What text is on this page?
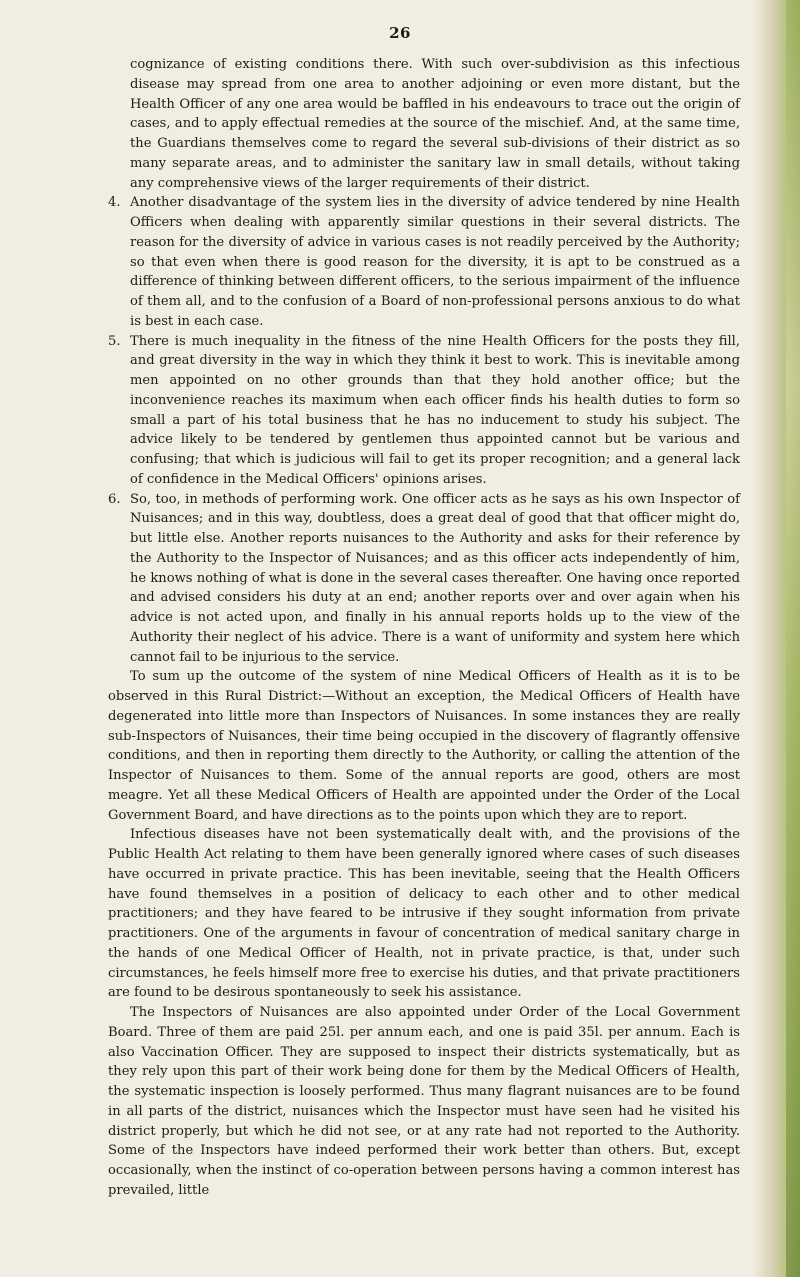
26

cognizance of existing conditions there. With such over-subdivision as this infectious disease may spread from one area to another adjoining or even more distant, but the Health Officer of any one area would be baffled in his endeavours to trace out the origin of cases, and to apply effectual remedies at the source of the mischief. And, at the same time, the Guardians themselves come to regard the several sub-divisions of their district as so many separate areas, and to administer the sanitary law in small details, without taking any comprehensive views of the larger requirements of their district.

4. Another disadvantage of the system lies in the diversity of advice tendered by nine Health Officers when dealing with apparently similar questions in their several districts. The reason for the diversity of advice in various cases is not readily perceived by the Authority; so that even when there is good reason for the diversity, it is apt to be construed as a difference of thinking between different officers, to the serious impairment of the influence of them all, and to the confusion of a Board of non-professional persons anxious to do what is best in each case.

5. There is much inequality in the fitness of the nine Health Officers for the posts they fill, and great diversity in the way in which they think it best to work. This is inevitable among men appointed on no other grounds than that they hold another office; but the inconvenience reaches its maximum when each officer finds his health duties to form so small a part of his total business that he has no inducement to study his subject. The advice likely to be tendered by gentlemen thus appointed cannot but be various and confusing; that which is judicious will fail to get its proper recognition; and a general lack of confidence in the Medical Officers' opinions arises.

6. So, too, in methods of performing work. One officer acts as he says as his own Inspector of Nuisances; and in this way, doubtless, does a great deal of good that that officer might do, but little else. Another reports nuisances to the Authority and asks for their reference by the Authority to the Inspector of Nuisances; and as this officer acts independently of him, he knows nothing of what is done in the several cases thereafter. One having once reported and advised considers his duty at an end; another reports over and over again when his advice is not acted upon, and finally in his annual reports holds up to the view of the Authority their neglect of his advice. There is a want of uniformity and system here which cannot fail to be injurious to the service.

To sum up the outcome of the system of nine Medical Officers of Health as it is to be observed in this Rural District:—Without an exception, the Medical Officers of Health have degenerated into little more than Inspectors of Nuisances. In some instances they are really sub-Inspectors of Nuisances, their time being occupied in the discovery of flagrantly offensive conditions, and then in reporting them directly to the Authority, or calling the attention of the Inspector of Nuisances to them. Some of the annual reports are good, others are most meagre. Yet all these Medical Officers of Health are appointed under the Order of the Local Government Board, and have directions as to the points upon which they are to report.

Infectious diseases have not been systematically dealt with, and the provisions of the Public Health Act relating to them have been generally ignored where cases of such diseases have occurred in private practice. This has been inevitable, seeing that the Health Officers have found themselves in a position of delicacy to each other and to other medical practitioners; and they have feared to be intrusive if they sought information from private practitioners. One of the arguments in favour of concentration of medical sanitary charge in the hands of one Medical Officer of Health, not in private practice, is that, under such circumstances, he feels himself more free to exercise his duties, and that private practitioners are found to be desirous spontaneously to seek his assistance.

The Inspectors of Nuisances are also appointed under Order of the Local Government Board. Three of them are paid 25l. per annum each, and one is paid 35l. per annum. Each is also Vaccination Officer. They are supposed to inspect their districts systematically, but as they rely upon this part of their work being done for them by the Medical Officers of Health, the systematic inspection is loosely performed. Thus many flagrant nuisances are to be found in all parts of the district, nuisances which the Inspector must have seen had he visited his district properly, but which he did not see, or at any rate had not reported to the Authority. Some of the Inspectors have indeed performed their work better than others. But, except occasionally, when the instinct of co-operation between persons having a common interest has prevailed, little
